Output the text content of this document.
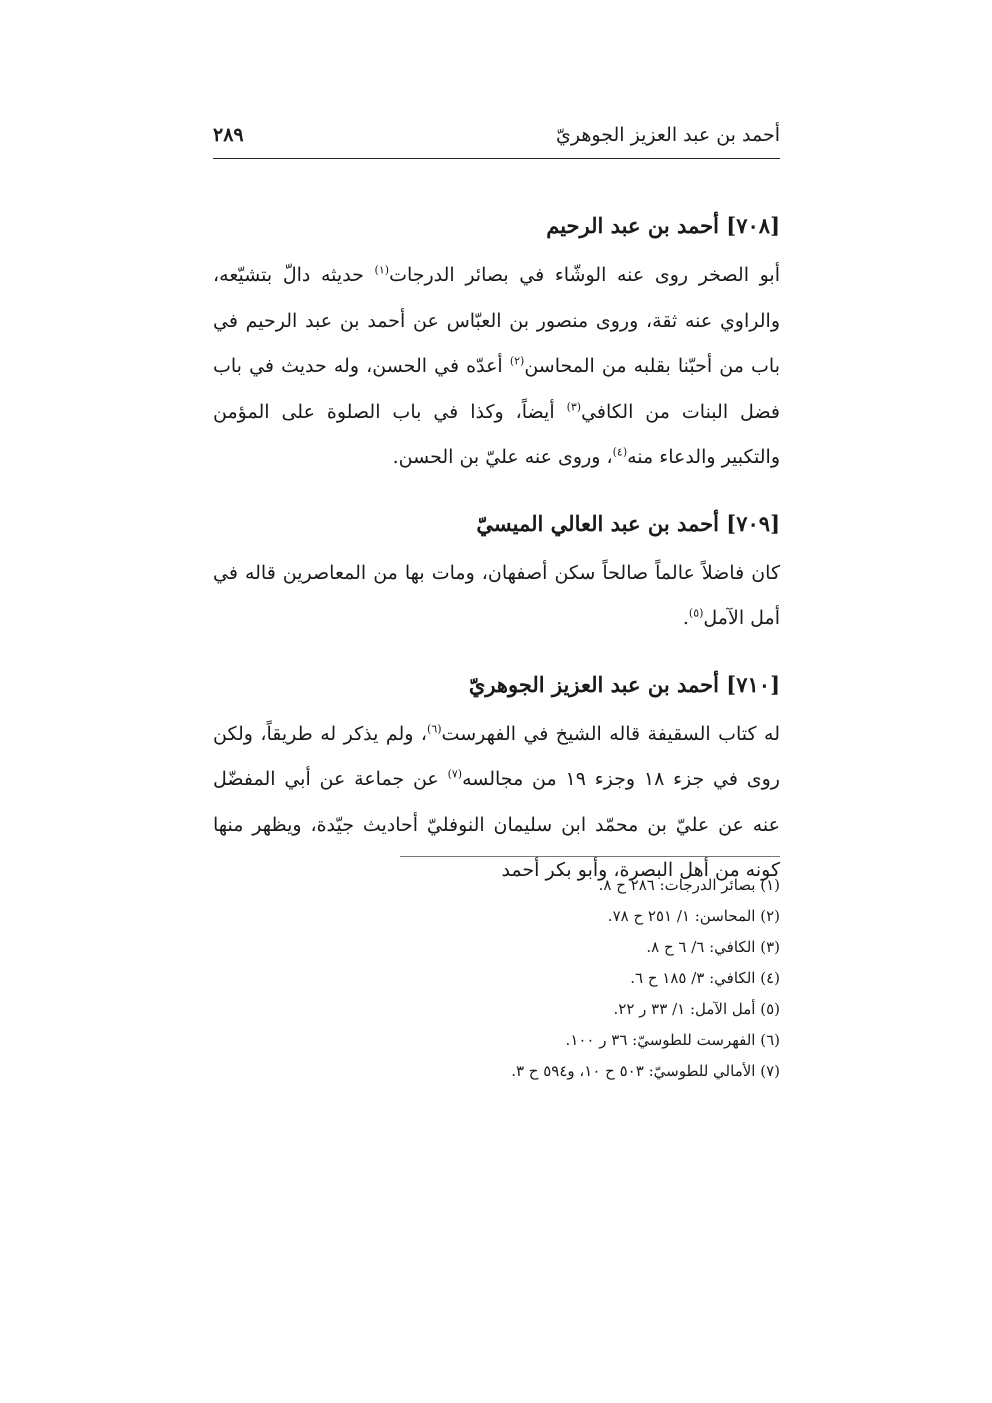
أحمد بن عبد العزيز الجوهريّ
٢٨٩
[٧٠٨] أحمد بن عبد الرحيم

أبو الصخر روى عنه الوشّاء في بصائر الدرجات$^{(١)}$ حديثه دالّ بتشيّعه، والراوي عنه ثقة، وروى منصور بن العبّاس عن أحمد بن عبد الرحيم في باب من أحبّنا بقلبه من المحاسن$^{(٢)}$ أعدّه في الحسن، وله حديث في باب فضل البنات من الكافي$^{(٣)}$ أيضاً، وكذا في باب الصلوة على المؤمن والتكبير والدعاء منه$^{(٤)}$، وروى عنه عليّ بن الحسن.

[٧٠٩] أحمد بن عبد العالي الميسيّ

كان فاضلاً عالماً صالحاً سكن أصفهان، ومات بها من المعاصرين قاله في أمل الآمل$^{(٥)}$.

[٧١٠] أحمد بن عبد العزيز الجوهريّ

له كتاب السقيفة قاله الشيخ في الفهرست$^{(٦)}$، ولم يذكر له طريقاً، ولكن روى في جزء ١٨ وجزء ١٩ من مجالسه$^{(٧)}$ عن جماعة عن أبي المفضّل عنه عن عليّ بن محمّد ابن سليمان النوفليّ أحاديث جيّدة، ويظهر منها كونه من أهل البصرة، وأبو بكر أحمد

(١) بصائر الدرجات: ٢٨٦ ح ٨.
(٢) المحاسن: ١/ ٢٥١ ح ٧٨.
(٣) الكافي: ٦/ ٦ ح ٨.
(٤) الكافي: ٣/ ١٨٥ ح ٦.
(٥) أمل الآمل: ١/ ٣٣ ر ٢٢.
(٦) الفهرست للطوسيّ: ٣٦ ر ١٠٠.
(٧) الأمالي للطوسيّ: ٥٠٣ ح ١٠، و٥٩٤ ح ٣.
